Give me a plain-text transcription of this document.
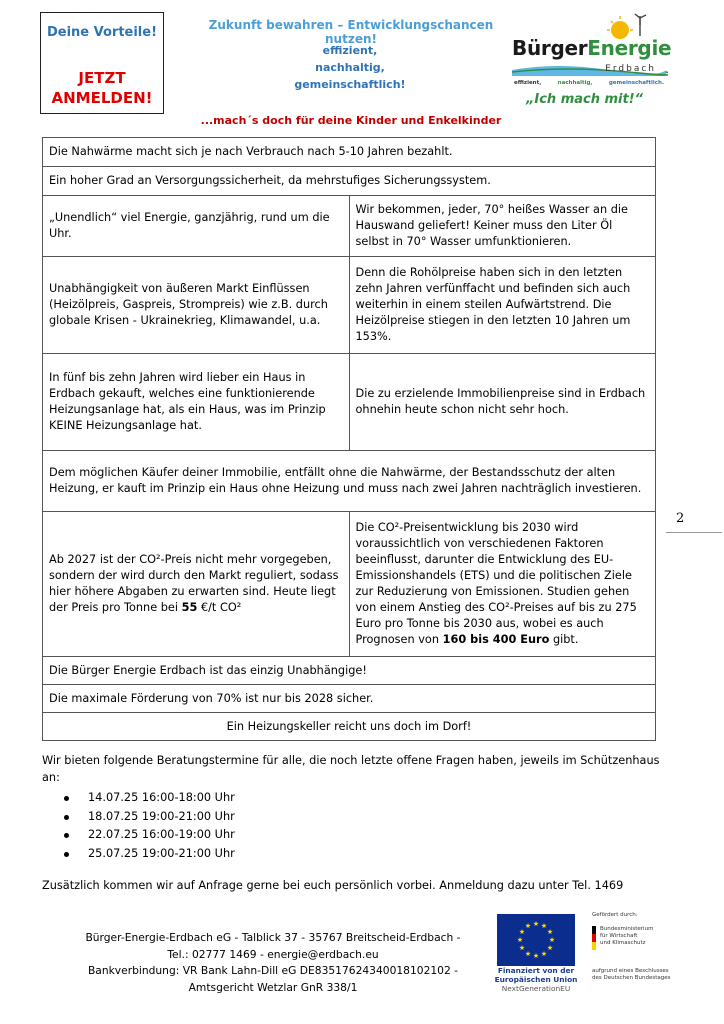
Deine Vorteile!
JETZT
ANMELDEN!
Zukunft bewahren – Entwicklungschancen nutzen!
effizient,
nachhaltig,
gemeinschaftlich!
...mach´s doch für deine Kinder und Enkelkinder
BürgerEnergie
Erdbach
effizient,	nachhaltig,	gemeinschaftlich.
„Ich mach mit!“
Die Nahwärme macht sich je nach Verbrauch nach 5-10 Jahren bezahlt.	
Ein hoher Grad an Versorgungssicherheit, da mehrstufiges Sicherungssystem.	
„Unendlich“ viel Energie, ganzjährig, rund um die Uhr.	Wir bekommen, jeder, 70° heißes Wasser an die Hauswand geliefert! Keiner muss den Liter Öl selbst in 70° Wasser umfunktionieren.
Unabhängigkeit von äußeren Markt Einflüssen (Heizölpreis, Gaspreis, Strompreis) wie z.B. durch globale Krisen - Ukrainekrieg, Klimawandel, u.a.	Denn die Rohölpreise haben sich in den letzten zehn Jahren verfünffacht und befinden sich auch weiterhin in einem steilen Aufwärtstrend. Die Heizölpreise stiegen in den letzten 10 Jahren um 153%.
In fünf bis zehn Jahren wird lieber ein Haus in Erdbach gekauft, welches eine funktionierende Heizungsanlage hat, als ein Haus, was im Prinzip KEINE Heizungsanlage hat.	Die zu erzielende Immobilienpreise sind in Erdbach ohnehin heute schon nicht sehr hoch.
Dem möglichen Käufer deiner Immobilie, entfällt ohne die Nahwärme, der Bestandsschutz der alten Heizung, er kauft im Prinzip ein Haus ohne Heizung und muss nach zwei Jahren nachträglich investieren.	
Ab 2027 ist der CO²-Preis nicht mehr vorgegeben, sondern der wird durch den Markt reguliert, sodass hier höhere Abgaben zu erwarten sind. Heute liegt der Preis pro Tonne bei 55 €/t CO²	Die CO²-Preisentwicklung bis 2030 wird voraussichtlich von verschiedenen Faktoren beeinflusst, darunter die Entwicklung des EU-Emissionshandels (ETS) und die politischen Ziele zur Reduzierung von Emissionen. Studien gehen von einem Anstieg des CO²-Preises auf bis zu 275 Euro pro Tonne bis 2030 aus, wobei es auch Prognosen von 160 bis 400 Euro gibt.
Die Bürger Energie Erdbach ist das einzig Unabhängige!	
Die maximale Förderung von 70% ist nur bis 2028 sicher.	
Ein Heizungskeller reicht uns doch im Dorf!	
2
Wir bieten folgende Beratungstermine für alle, die noch letzte offene Fragen haben, jeweils im Schützenhaus an:
14.07.25 16:00-18:00 Uhr
18.07.25 19:00-21:00 Uhr
22.07.25 16:00-19:00 Uhr
25.07.25 19:00-21:00 Uhr
Zusätzlich kommen wir auf Anfrage gerne bei euch persönlich vorbei. Anmeldung dazu unter Tel. 1469
Bürger-Energie-Erdbach eG - Talblick 37 - 35767 Breitscheid-Erdbach -
Tel.: 02777 1469 - energie@erdbach.eu
Bankverbindung: VR Bank Lahn-Dill eG DE83517624340018102102 -
Amtsgericht Wetzlar GnR 338/1
★ ★
★
★
★
★
★
★
★
★
★
★
Finanziert von der
Europäischen Union
NextGenerationEU
Gefördert durch:
Bundesministerium
für Wirtschaft
und Klimaschutz
aufgrund eines Beschlusses
des Deutschen Bundestages
